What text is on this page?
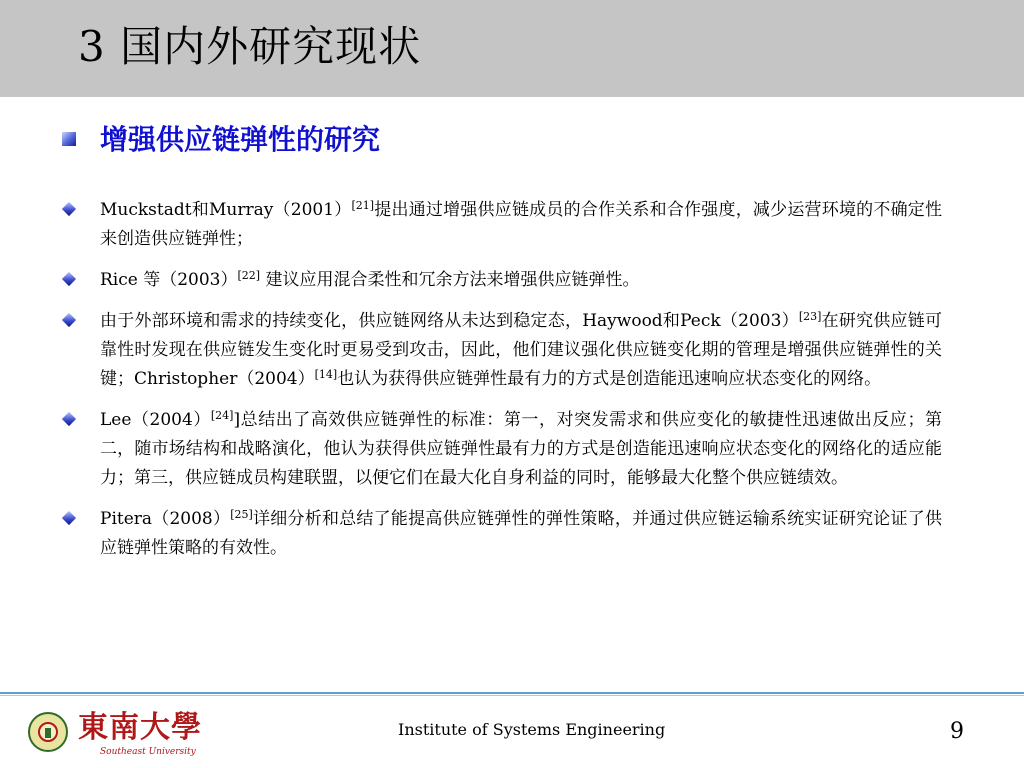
3 国内外研究现状
增强供应链弹性的研究
Muckstadt和Murray（2001）[21]提出通过增强供应链成员的合作关系和合作强度，减少运营环境的不确定性来创造供应链弹性；
Rice 等（2003）[22] 建议应用混合柔性和冗余方法来增强供应链弹性。
由于外部环境和需求的持续变化，供应链网络从未达到稳定态，Haywood和Peck（2003）[23]在研究供应链可靠性时发现在供应链发生变化时更易受到攻击，因此，他们建议强化供应链变化期的管理是增强供应链弹性的关键；Christopher（2004）[14]也认为获得供应链弹性最有力的方式是创造能迅速响应状态变化的网络。
Lee（2004）[24]]总结出了高效供应链弹性的标准：第一，对突发需求和供应变化的敏捷性迅速做出反应；第二，随市场结构和战略演化，他认为获得供应链弹性最有力的方式是创造能迅速响应状态变化的网络化的适应能力；第三，供应链成员构建联盟，以便它们在最大化自身利益的同时，能够最大化整个供应链绩效。
Pitera（2008）[25]详细分析和总结了能提高供应链弹性的弹性策略，并通过供应链运输系统实证研究论证了供应链弹性策略的有效性。
東南大學
Southeast University
Institute of Systems Engineering	9
